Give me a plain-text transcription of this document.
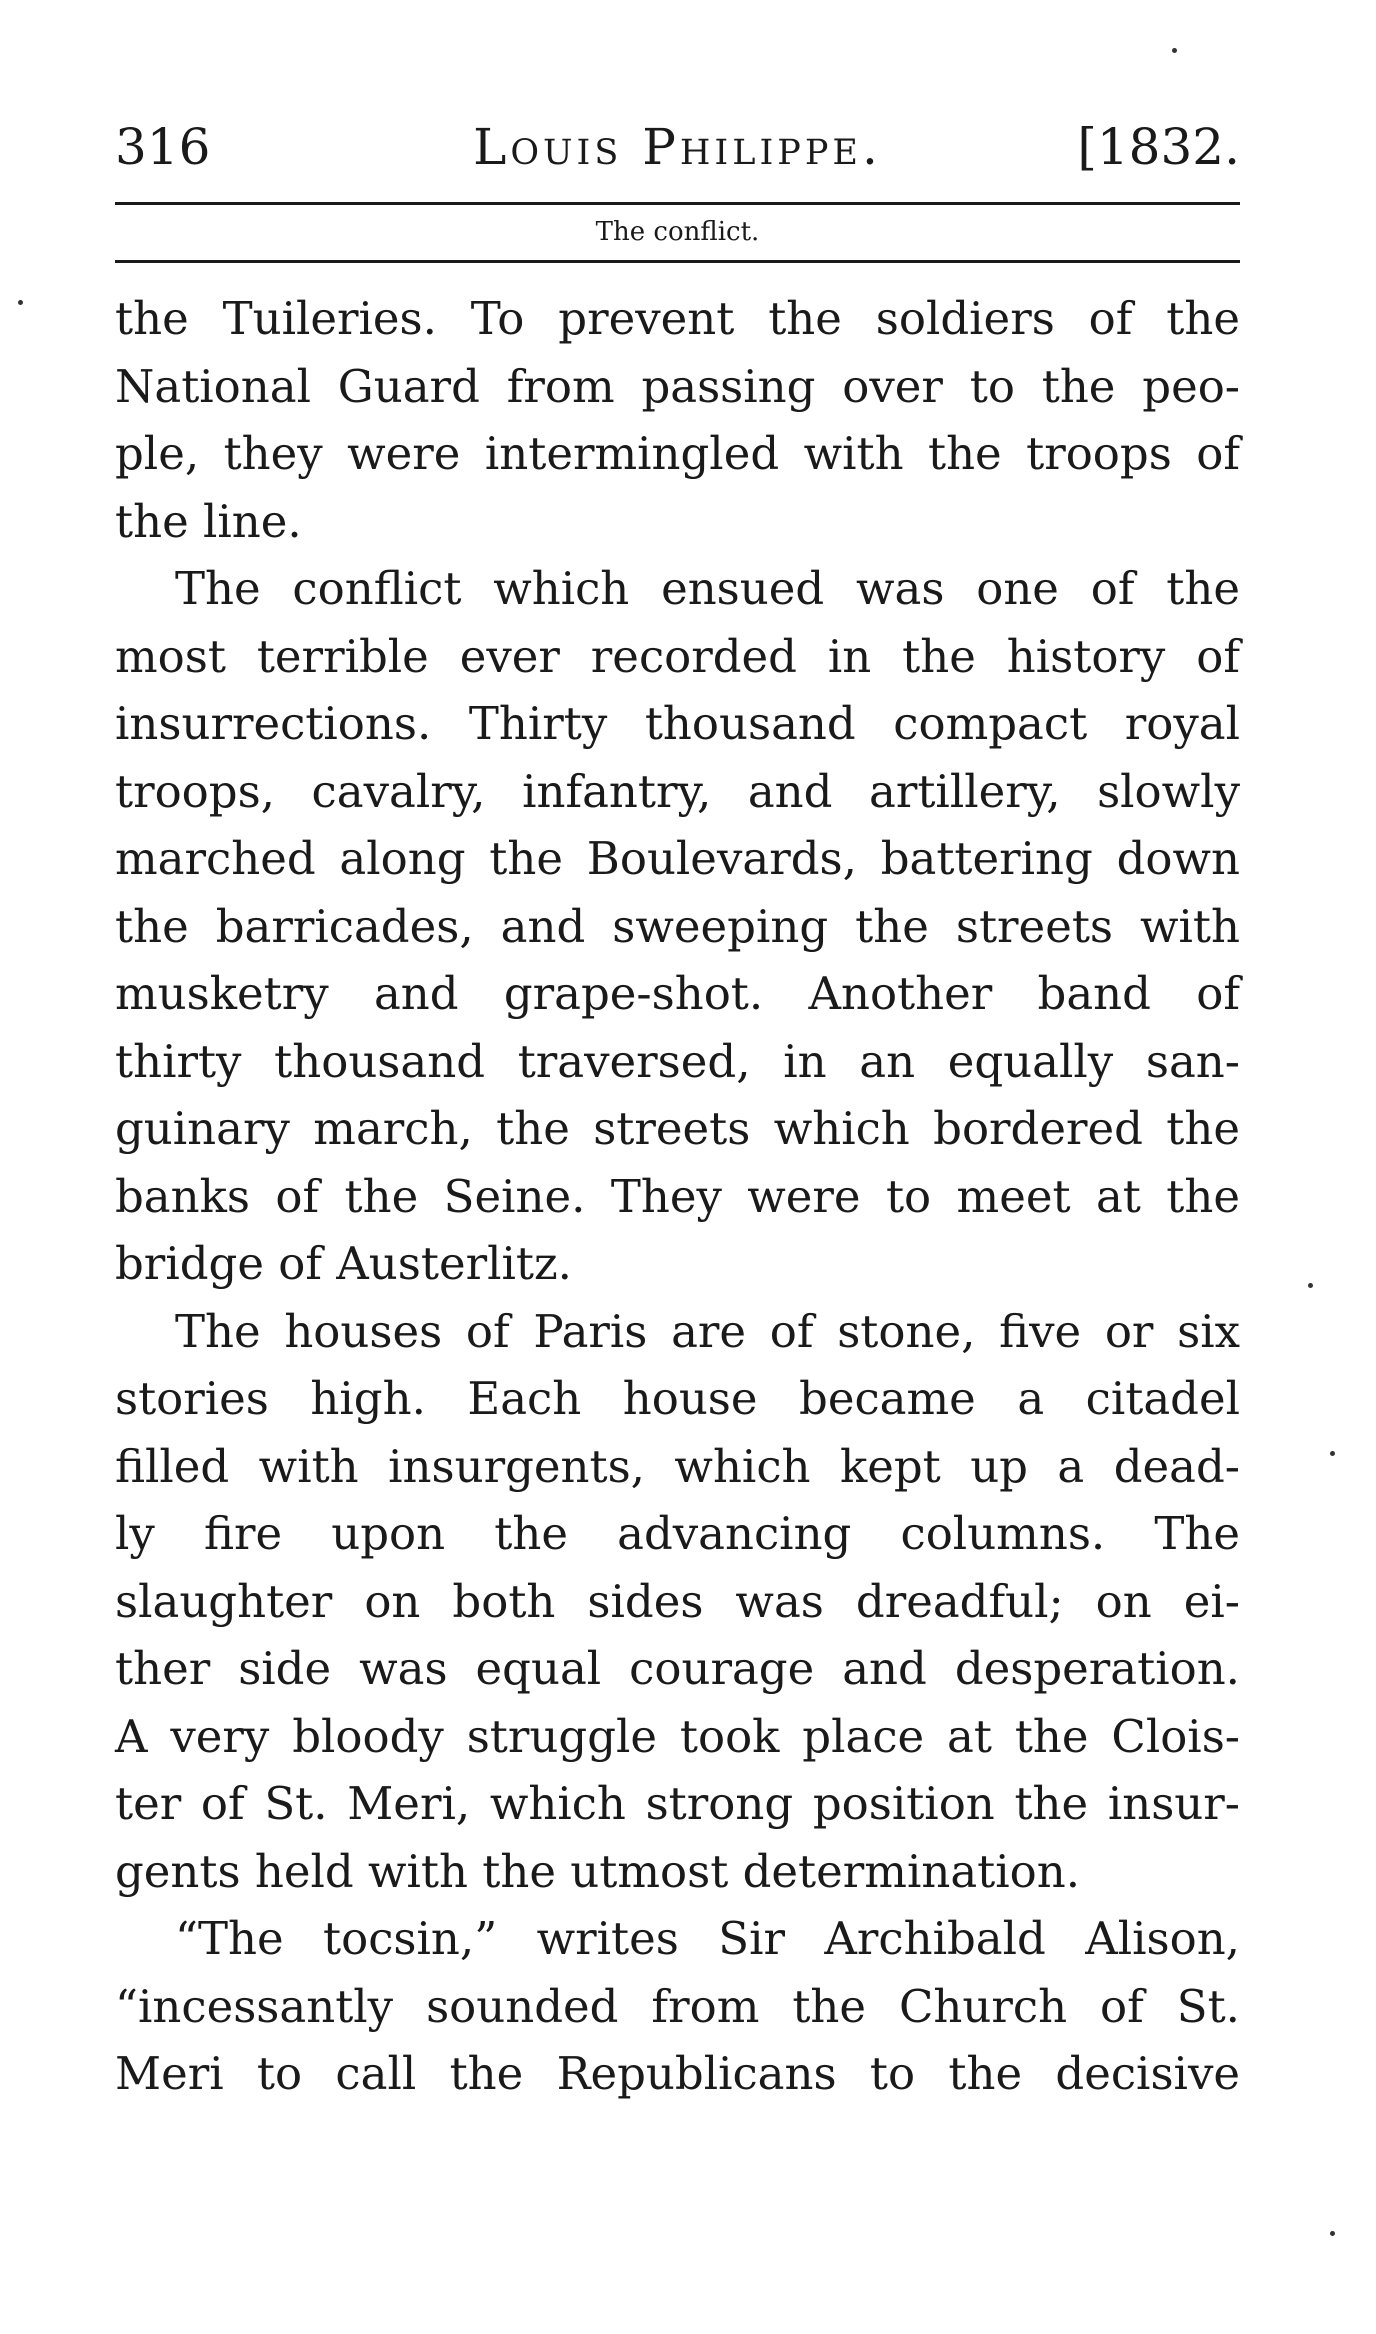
316	Louis Philippe.	[1832.
The conflict.
the Tuileries. To prevent the soldiers of the
National Guard from passing over to the peo-
ple, they were intermingled with the troops of
the line.
The conflict which ensued was one of the
most terrible ever recorded in the history of
insurrections. Thirty thousand compact royal
troops, cavalry, infantry, and artillery, slowly
marched along the Boulevards, battering down
the barricades, and sweeping the streets with
musketry and grape-shot. Another band of
thirty thousand traversed, in an equally san-
guinary march, the streets which bordered the
banks of the Seine. They were to meet at the
bridge of Austerlitz.
The houses of Paris are of stone, five or six
stories high. Each house became a citadel
filled with insurgents, which kept up a dead-
ly fire upon the advancing columns. The
slaughter on both sides was dreadful; on ei-
ther side was equal courage and desperation.
A very bloody struggle took place at the Clois-
ter of St. Meri, which strong position the insur-
gents held with the utmost determination.
“The tocsin,” writes Sir Archibald Alison,
“incessantly sounded from the Church of St.
Meri to call the Republicans to the decisive
